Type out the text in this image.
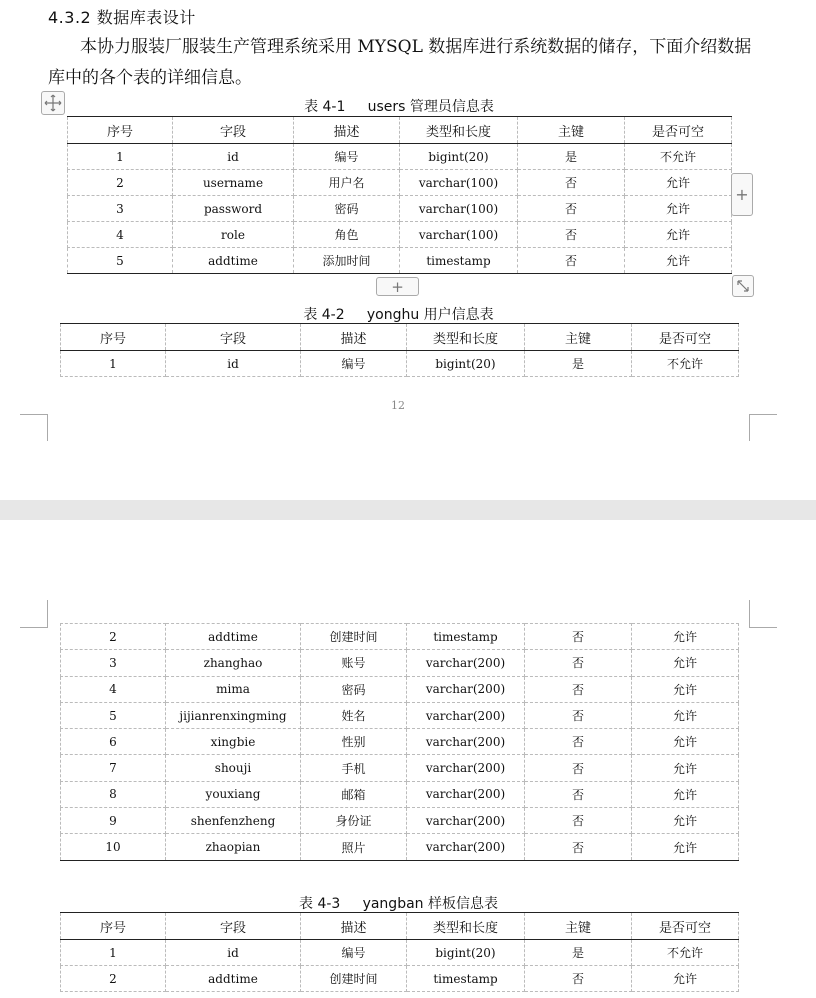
4.3.2 数据库表设计
本协力服装厂服装生产管理系统采用 MYSQL 数据库进行系统数据的储存，下面介绍数据库中的各个表的详细信息。
表 4-1     users 管理员信息表
序号	字段	描述	类型和长度	主键	是否可空
1	id	编号	bigint(20)	是	不允许
2	username	用户名	varchar(100)	否	允许
3	password	密码	varchar(100)	否	允许
4	role	角色	varchar(100)	否	允许
5	addtime	添加时间	timestamp	否	允许
+
+
表 4-2     yonghu 用户信息表
序号	字段	描述	类型和长度	主键	是否可空
1	id	编号	bigint(20)	是	不允许
12
2	addtime	创建时间	timestamp	否	允许
3	zhanghao	账号	varchar(200)	否	允许
4	mima	密码	varchar(200)	否	允许
5	jijianrenxingming	姓名	varchar(200)	否	允许
6	xingbie	性别	varchar(200)	否	允许
7	shouji	手机	varchar(200)	否	允许
8	youxiang	邮箱	varchar(200)	否	允许
9	shenfenzheng	身份证	varchar(200)	否	允许
10	zhaopian	照片	varchar(200)	否	允许
表 4-3     yangban 样板信息表
序号	字段	描述	类型和长度	主键	是否可空
1	id	编号	bigint(20)	是	不允许
2	addtime	创建时间	timestamp	否	允许
